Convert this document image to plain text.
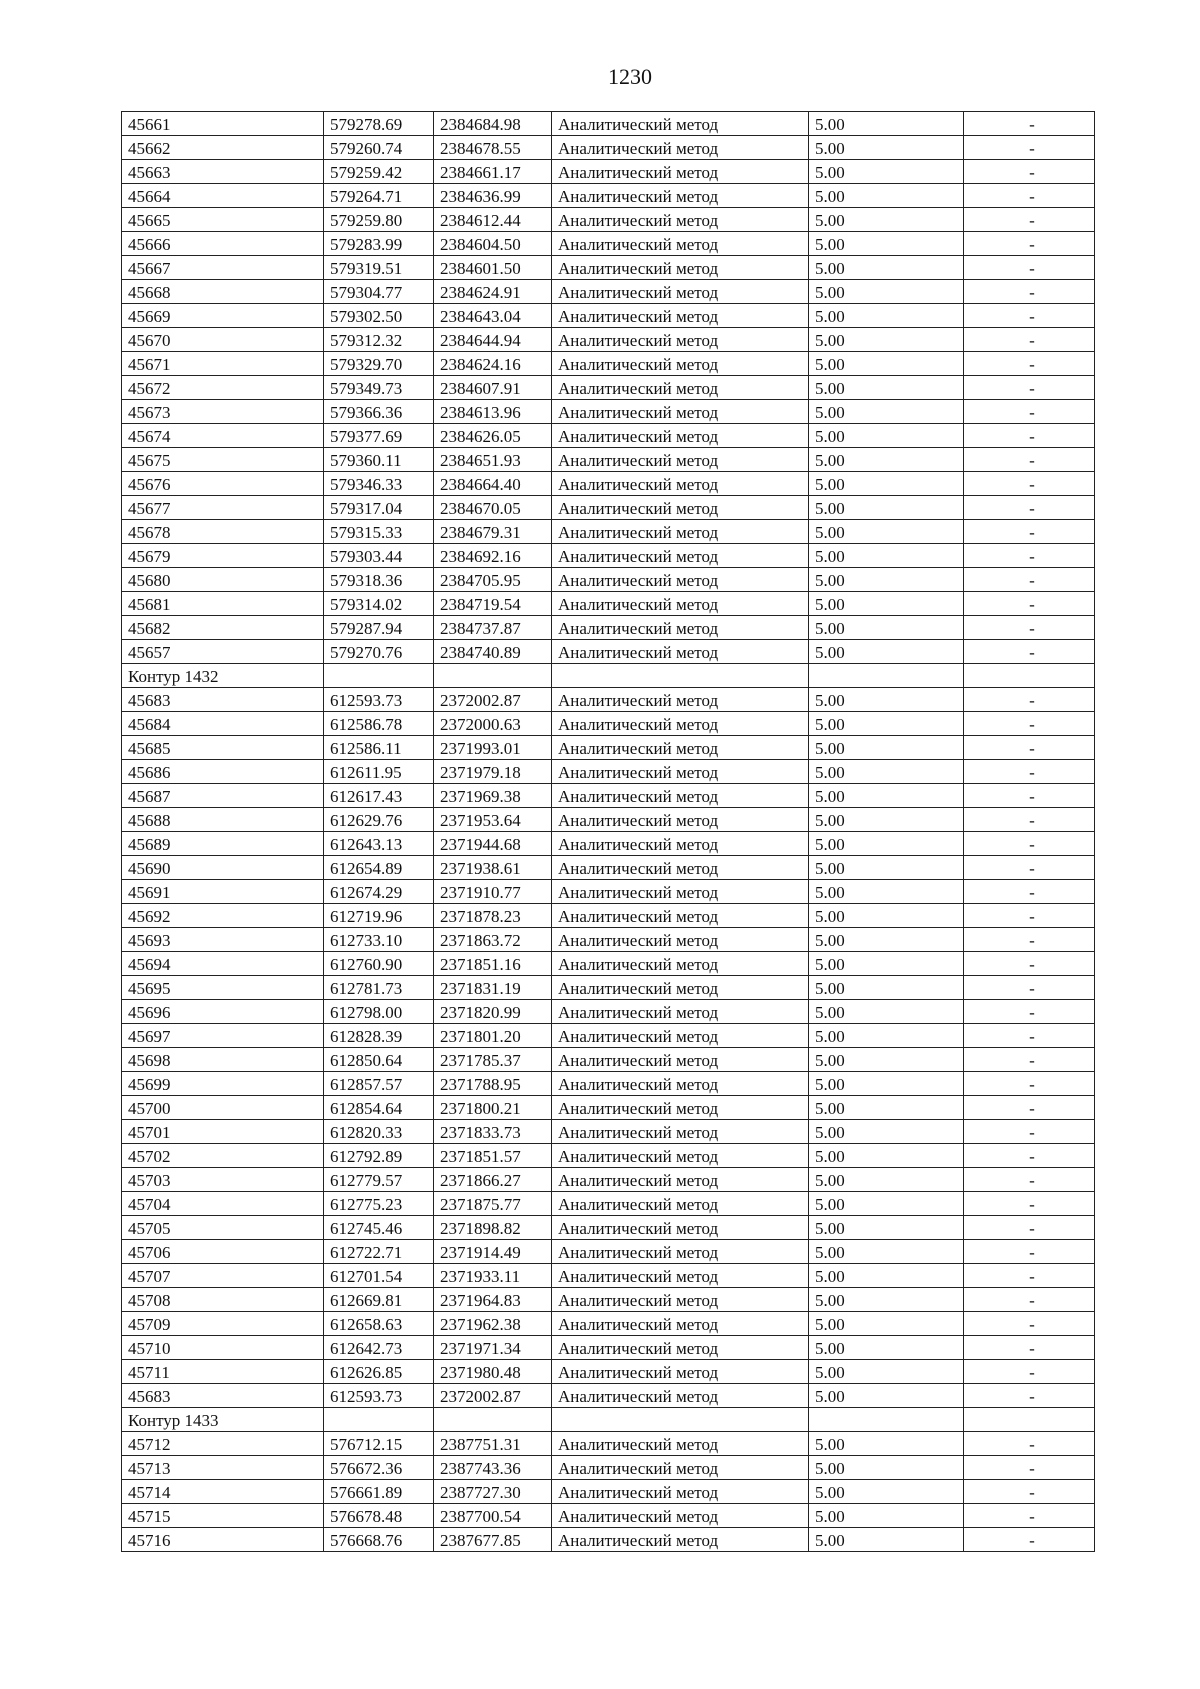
1230
45661	579278.69	2384684.98	Аналитический метод	5.00	-
45662	579260.74	2384678.55	Аналитический метод	5.00	-
45663	579259.42	2384661.17	Аналитический метод	5.00	-
45664	579264.71	2384636.99	Аналитический метод	5.00	-
45665	579259.80	2384612.44	Аналитический метод	5.00	-
45666	579283.99	2384604.50	Аналитический метод	5.00	-
45667	579319.51	2384601.50	Аналитический метод	5.00	-
45668	579304.77	2384624.91	Аналитический метод	5.00	-
45669	579302.50	2384643.04	Аналитический метод	5.00	-
45670	579312.32	2384644.94	Аналитический метод	5.00	-
45671	579329.70	2384624.16	Аналитический метод	5.00	-
45672	579349.73	2384607.91	Аналитический метод	5.00	-
45673	579366.36	2384613.96	Аналитический метод	5.00	-
45674	579377.69	2384626.05	Аналитический метод	5.00	-
45675	579360.11	2384651.93	Аналитический метод	5.00	-
45676	579346.33	2384664.40	Аналитический метод	5.00	-
45677	579317.04	2384670.05	Аналитический метод	5.00	-
45678	579315.33	2384679.31	Аналитический метод	5.00	-
45679	579303.44	2384692.16	Аналитический метод	5.00	-
45680	579318.36	2384705.95	Аналитический метод	5.00	-
45681	579314.02	2384719.54	Аналитический метод	5.00	-
45682	579287.94	2384737.87	Аналитический метод	5.00	-
45657	579270.76	2384740.89	Аналитический метод	5.00	-
Контур 1432					
45683	612593.73	2372002.87	Аналитический метод	5.00	-
45684	612586.78	2372000.63	Аналитический метод	5.00	-
45685	612586.11	2371993.01	Аналитический метод	5.00	-
45686	612611.95	2371979.18	Аналитический метод	5.00	-
45687	612617.43	2371969.38	Аналитический метод	5.00	-
45688	612629.76	2371953.64	Аналитический метод	5.00	-
45689	612643.13	2371944.68	Аналитический метод	5.00	-
45690	612654.89	2371938.61	Аналитический метод	5.00	-
45691	612674.29	2371910.77	Аналитический метод	5.00	-
45692	612719.96	2371878.23	Аналитический метод	5.00	-
45693	612733.10	2371863.72	Аналитический метод	5.00	-
45694	612760.90	2371851.16	Аналитический метод	5.00	-
45695	612781.73	2371831.19	Аналитический метод	5.00	-
45696	612798.00	2371820.99	Аналитический метод	5.00	-
45697	612828.39	2371801.20	Аналитический метод	5.00	-
45698	612850.64	2371785.37	Аналитический метод	5.00	-
45699	612857.57	2371788.95	Аналитический метод	5.00	-
45700	612854.64	2371800.21	Аналитический метод	5.00	-
45701	612820.33	2371833.73	Аналитический метод	5.00	-
45702	612792.89	2371851.57	Аналитический метод	5.00	-
45703	612779.57	2371866.27	Аналитический метод	5.00	-
45704	612775.23	2371875.77	Аналитический метод	5.00	-
45705	612745.46	2371898.82	Аналитический метод	5.00	-
45706	612722.71	2371914.49	Аналитический метод	5.00	-
45707	612701.54	2371933.11	Аналитический метод	5.00	-
45708	612669.81	2371964.83	Аналитический метод	5.00	-
45709	612658.63	2371962.38	Аналитический метод	5.00	-
45710	612642.73	2371971.34	Аналитический метод	5.00	-
45711	612626.85	2371980.48	Аналитический метод	5.00	-
45683	612593.73	2372002.87	Аналитический метод	5.00	-
Контур 1433					
45712	576712.15	2387751.31	Аналитический метод	5.00	-
45713	576672.36	2387743.36	Аналитический метод	5.00	-
45714	576661.89	2387727.30	Аналитический метод	5.00	-
45715	576678.48	2387700.54	Аналитический метод	5.00	-
45716	576668.76	2387677.85	Аналитический метод	5.00	-
